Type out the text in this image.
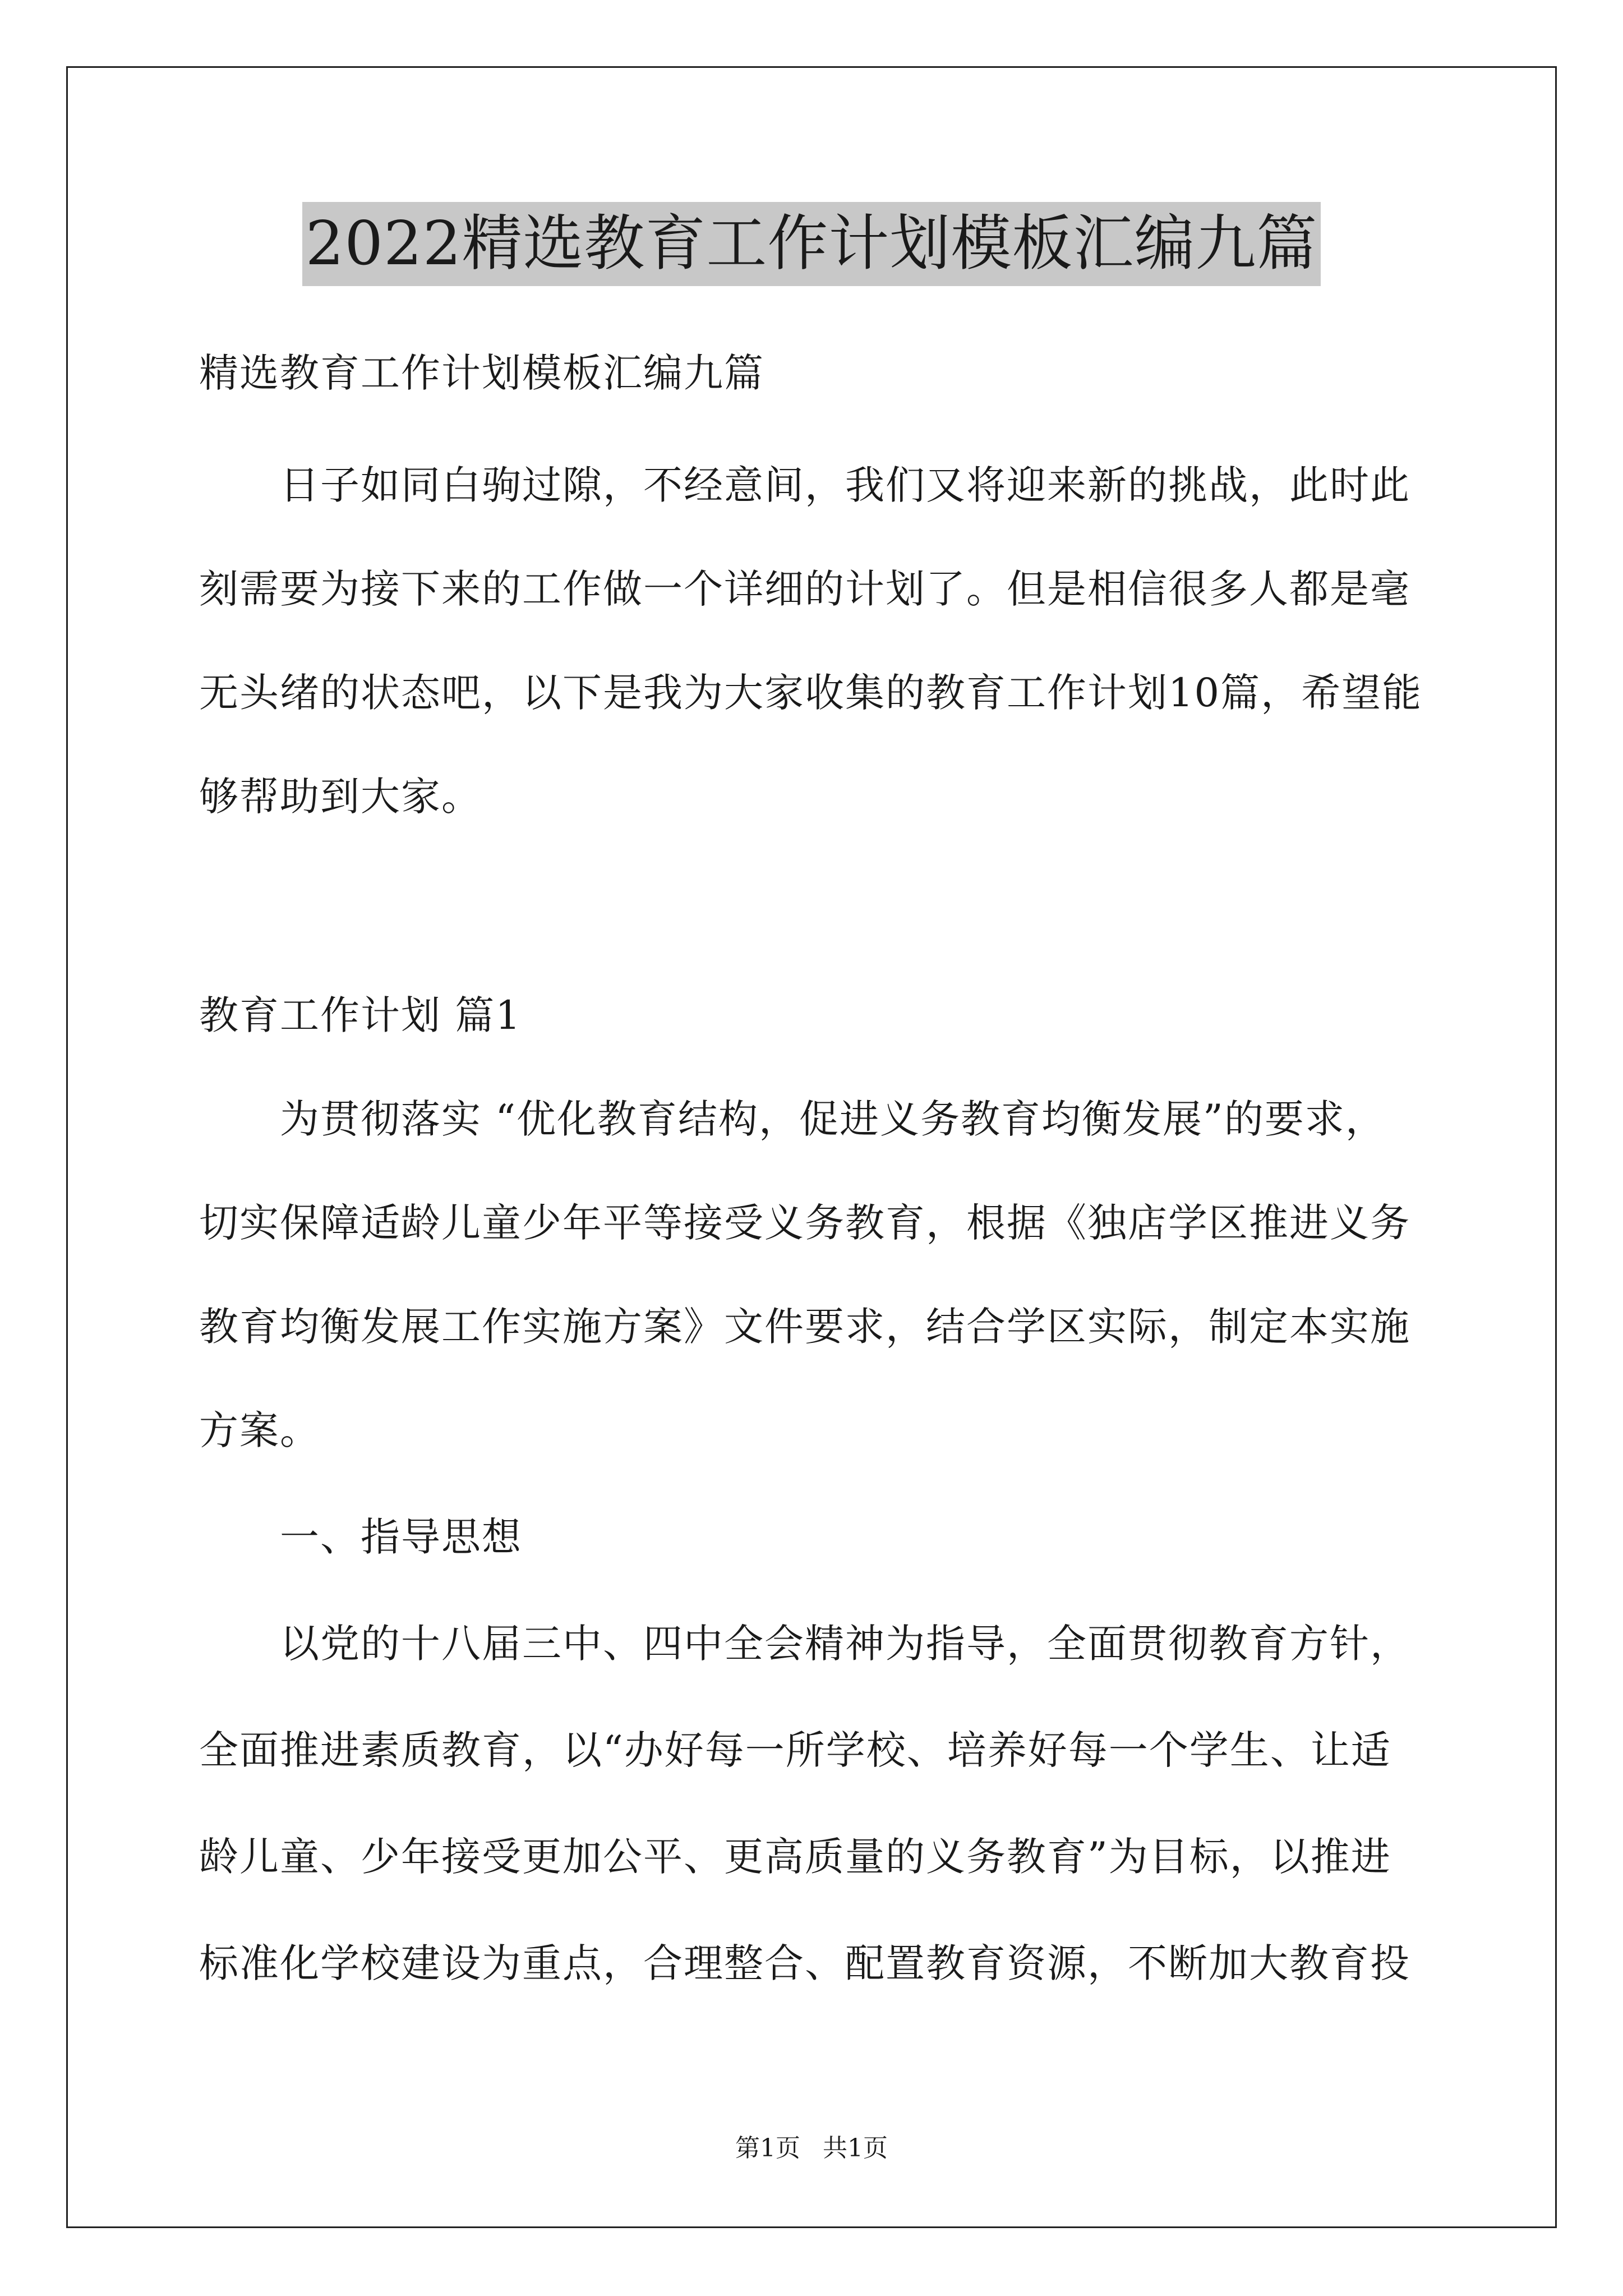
2022精选教育工作计划模板汇编九篇
精选教育工作计划模板汇编九篇
　　日子如同白驹过隙，不经意间，我们又将迎来新的挑战，此时此
刻需要为接下来的工作做一个详细的计划了。但是相信很多人都是毫
无头绪的状态吧，以下是我为大家收集的教育工作计划10篇，希望能
够帮助到大家。
教育工作计划 篇1
　　为贯彻落实 “优化教育结构，促进义务教育均衡发展”的要求，
切实保障适龄儿童少年平等接受义务教育，根据《独店学区推进义务
教育均衡发展工作实施方案》文件要求，结合学区实际，制定本实施
方案。
　　一、指导思想
　　以党的十八届三中、四中全会精神为指导，全面贯彻教育方针，
全面推进素质教育，以“办好每一所学校、培养好每一个学生、让适
龄儿童、少年接受更加公平、更高质量的义务教育”为目标，以推进
标准化学校建设为重点，合理整合、配置教育资源，不断加大教育投
第1页 共1页
